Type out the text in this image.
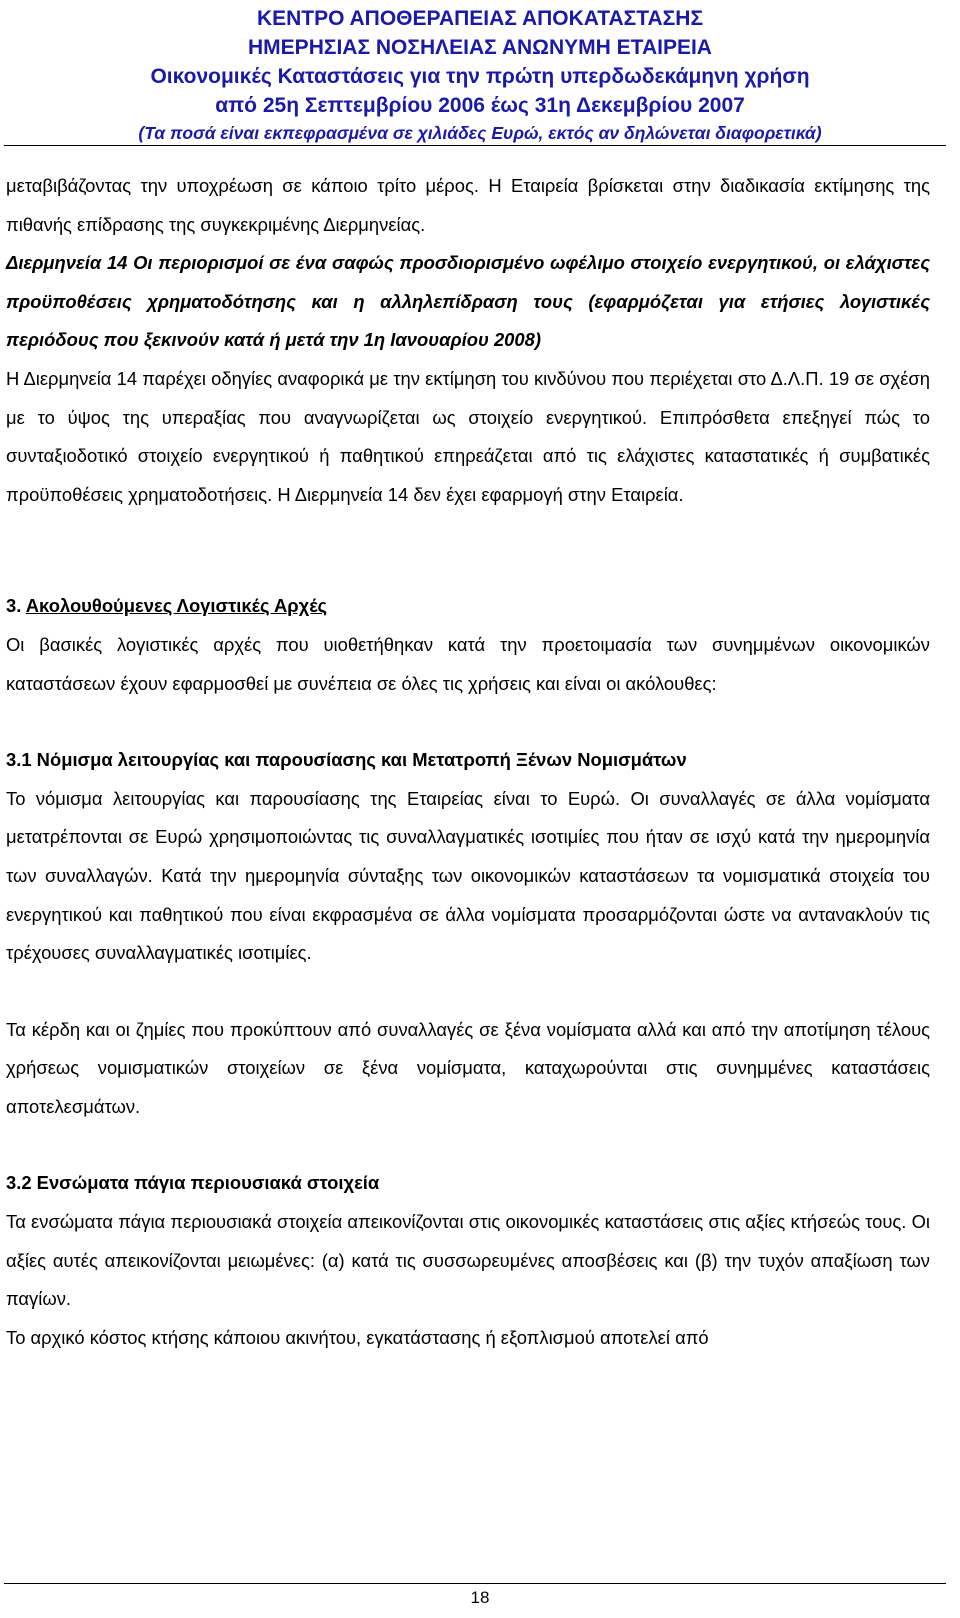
ΚΕΝΤΡΟ ΑΠΟΘΕΡΑΠΕΙΑΣ ΑΠΟΚΑΤΑΣΤΑΣΗΣ
ΗΜΕΡΗΣΙΑΣ ΝΟΣΗΛΕΙΑΣ ΑΝΩΝΥΜΗ ΕΤΑΙΡΕΙΑ
Οικονομικές Καταστάσεις για την πρώτη υπερδωδεκάμηνη χρήση
από 25η Σεπτεμβρίου 2006 έως 31η Δεκεμβρίου 2007
(Τα ποσά είναι εκπεφρασμένα σε χιλιάδες Ευρώ, εκτός αν δηλώνεται διαφορετικά)

μεταβιβάζοντας την υποχρέωση σε κάποιο τρίτο μέρος. Η Εταιρεία βρίσκεται στην διαδικασία εκτίμησης της πιθανής επίδρασης της συγκεκριμένης Διερμηνείας.

Διερμηνεία 14 Οι περιορισμοί σε ένα σαφώς προσδιορισμένο ωφέλιμο στοιχείο ενεργητικού, οι ελάχιστες προϋποθέσεις χρηματοδότησης και η αλληλεπίδραση τους (εφαρμόζεται για ετήσιες λογιστικές περιόδους που ξεκινούν κατά ή μετά την 1η Ιανουαρίου 2008)

Η Διερμηνεία 14 παρέχει οδηγίες αναφορικά με την εκτίμηση του κινδύνου που περιέχεται στο Δ.Λ.Π. 19 σε σχέση με το ύψος της υπεραξίας που αναγνωρίζεται ως στοιχείο ενεργητικού. Επιπρόσθετα επεξηγεί πώς το συνταξιοδοτικό στοιχείο ενεργητικού ή παθητικού επηρεάζεται από τις ελάχιστες καταστατικές ή συμβατικές προϋποθέσεις χρηματοδοτήσεις. Η Διερμηνεία 14 δεν έχει εφαρμογή στην Εταιρεία.

3. Ακολουθούμενες Λογιστικές Αρχές

Οι βασικές λογιστικές αρχές που υιοθετήθηκαν κατά την προετοιμασία των συνημμένων οικονομικών καταστάσεων έχουν εφαρμοσθεί με συνέπεια σε όλες τις χρήσεις και είναι οι ακόλουθες:

3.1 Νόμισμα λειτουργίας και παρουσίασης και Μετατροπή Ξένων Νομισμάτων

Το νόμισμα λειτουργίας και παρουσίασης της Εταιρείας είναι το Ευρώ. Οι συναλλαγές σε άλλα νομίσματα μετατρέπονται σε Ευρώ χρησιμοποιώντας τις συναλλαγματικές ισοτιμίες που ήταν σε ισχύ κατά την ημερομηνία των συναλλαγών. Κατά την ημερομηνία σύνταξης των οικονομικών καταστάσεων τα νομισματικά στοιχεία του ενεργητικού και παθητικού που είναι εκφρασμένα σε άλλα νομίσματα προσαρμόζονται ώστε να αντανακλούν τις τρέχουσες συναλλαγματικές ισοτιμίες.

Τα κέρδη και οι ζημίες που προκύπτουν από συναλλαγές σε ξένα νομίσματα αλλά και από την αποτίμηση τέλους χρήσεως νομισματικών στοιχείων σε ξένα νομίσματα, καταχωρούνται στις συνημμένες καταστάσεις αποτελεσμάτων.

3.2 Ενσώματα πάγια περιουσιακά στοιχεία

Τα ενσώματα πάγια περιουσιακά στοιχεία απεικονίζονται στις οικονομικές καταστάσεις στις αξίες κτήσεώς τους. Οι αξίες αυτές απεικονίζονται μειωμένες: (α) κατά τις συσσωρευμένες αποσβέσεις και (β) την τυχόν απαξίωση των παγίων.

Το αρχικό κόστος κτήσης κάποιου ακινήτου, εγκατάστασης ή εξοπλισμού αποτελεί από

18
